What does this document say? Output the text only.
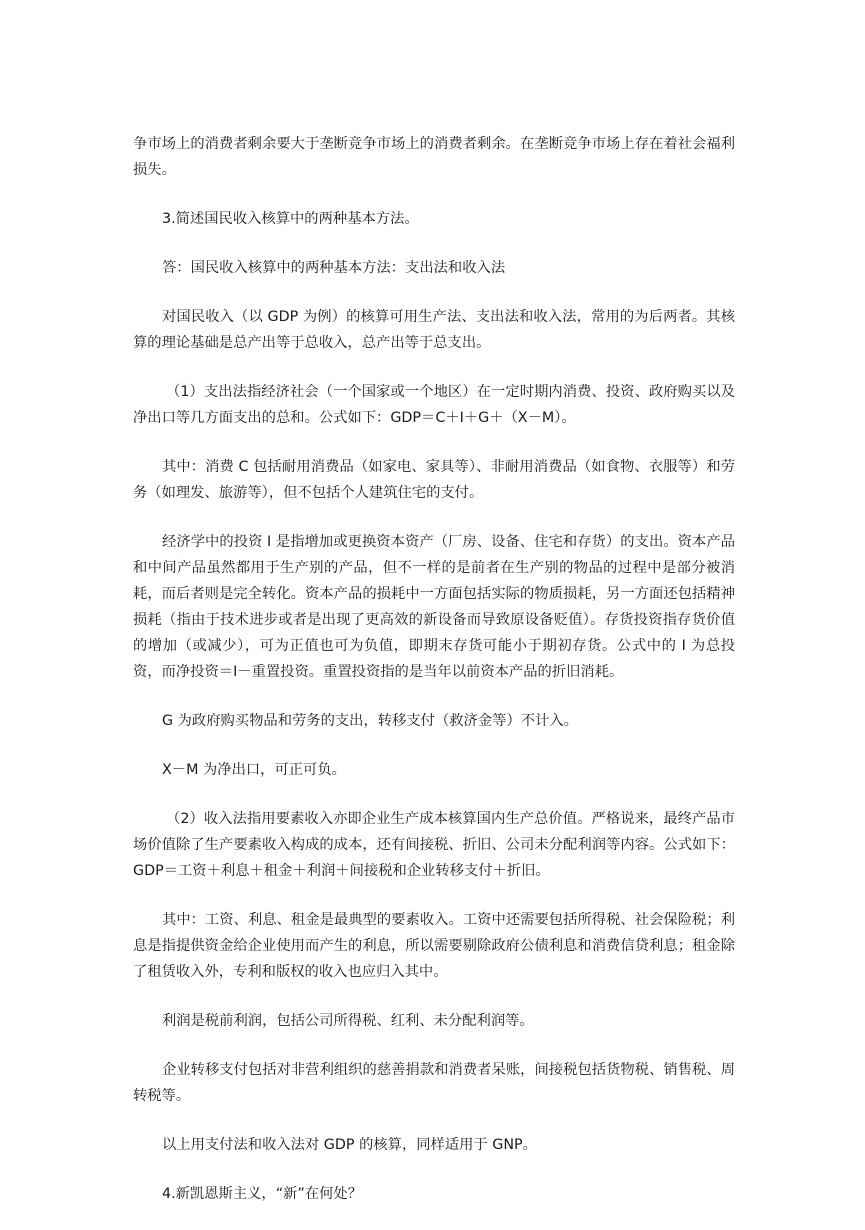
争市场上的消费者剩余要大于垄断竞争市场上的消费者剩余。在垄断竞争市场上存在着社会福利损失。

3.简述国民收入核算中的两种基本方法。

答：国民收入核算中的两种基本方法：支出法和收入法

对国民收入（以 GDP 为例）的核算可用生产法、支出法和收入法，常用的为后两者。其核算的理论基础是总产出等于总收入，总产出等于总支出。

（1）支出法指经济社会（一个国家或一个地区）在一定时期内消费、投资、政府购买以及净出口等几方面支出的总和。公式如下：GDP＝C＋I＋G＋（X－M）。

其中：消费 C 包括耐用消费品（如家电、家具等）、非耐用消费品（如食物、衣服等）和劳务（如理发、旅游等），但不包括个人建筑住宅的支付。

经济学中的投资 I 是指增加或更换资本资产（厂房、设备、住宅和存货）的支出。资本产品和中间产品虽然都用于生产别的产品，但不一样的是前者在生产别的物品的过程中是部分被消耗，而后者则是完全转化。资本产品的损耗中一方面包括实际的物质损耗，另一方面还包括精神损耗（指由于技术进步或者是出现了更高效的新设备而导致原设备贬值）。存货投资指存货价值的增加（或减少），可为正值也可为负值，即期末存货可能小于期初存货。公式中的 I 为总投资，而净投资＝I－重置投资。重置投资指的是当年以前资本产品的折旧消耗。

G 为政府购买物品和劳务的支出，转移支付（救济金等）不计入。

X－M 为净出口，可正可负。

（2）收入法指用要素收入亦即企业生产成本核算国内生产总价值。严格说来，最终产品市场价值除了生产要素收入构成的成本，还有间接税、折旧、公司未分配利润等内容。公式如下：GDP＝工资＋利息＋租金＋利润＋间接税和企业转移支付＋折旧。

其中：工资、利息、租金是最典型的要素收入。工资中还需要包括所得税、社会保险税；利息是指提供资金给企业使用而产生的利息，所以需要剔除政府公债利息和消费信贷利息；租金除了租赁收入外，专利和版权的收入也应归入其中。

利润是税前利润，包括公司所得税、红利、未分配利润等。

企业转移支付包括对非营利组织的慈善捐款和消费者呆账，间接税包括货物税、销售税、周转税等。

以上用支付法和收入法对 GDP 的核算，同样适用于 GNP。

4.新凯恩斯主义，“新”在何处？
